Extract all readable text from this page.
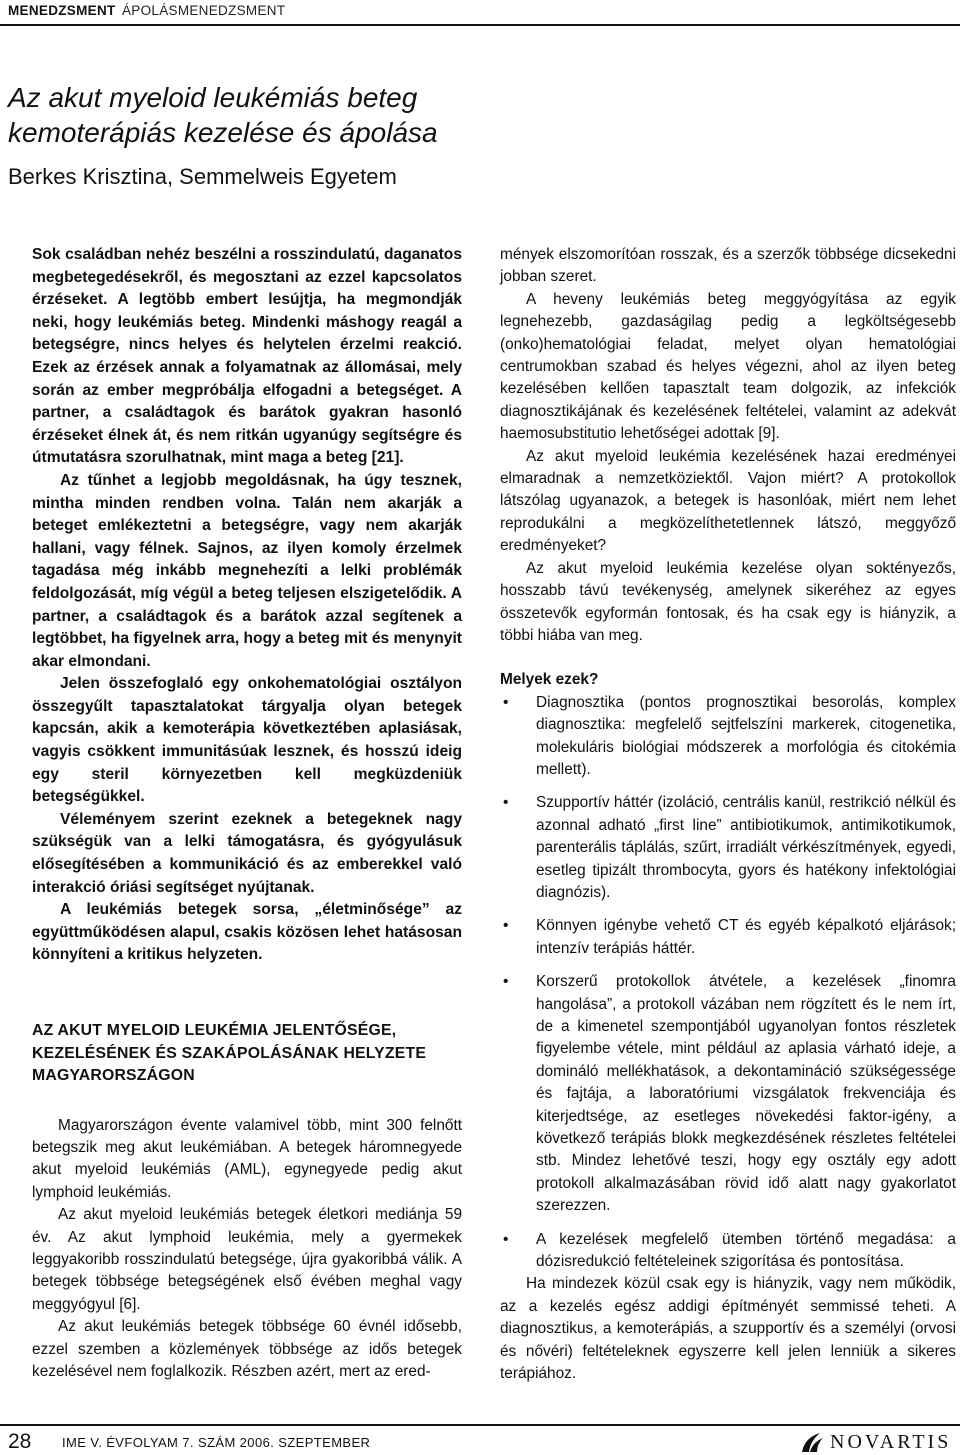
MENEDZSMENT ÁPOLÁSMENEDZSMENT
Az akut myeloid leukémiás beteg
kemoterápiás kezelése és ápolása
Berkes Krisztina, Semmelweis Egyetem

Sok családban nehéz beszélni a rosszindulatú, daganatos megbetegedésekről, és megosztani az ezzel kapcsolatos érzéseket. A legtöbb embert lesújtja, ha megmondják neki, hogy leukémiás beteg. Mindenki máshogy reagál a betegségre, nincs helyes és helytelen érzelmi reakció. Ezek az érzések annak a folyamatnak az állomásai, mely során az ember megpróbálja elfogadni a betegséget. A partner, a családtagok és barátok gyakran hasonló érzéseket élnek át, és nem ritkán ugyanúgy segítségre és útmutatásra szorulhatnak, mint maga a beteg [21].

Az tűnhet a legjobb megoldásnak, ha úgy tesznek, mintha minden rendben volna. Talán nem akarják a beteget emlékeztetni a betegségre, vagy nem akarják hallani, vagy félnek. Sajnos, az ilyen komoly érzelmek tagadása még inkább megnehezíti a lelki problémák feldolgozását, míg végül a beteg teljesen elszigetelődik. A partner, a családtagok és a barátok azzal segítenek a legtöbbet, ha figyelnek arra, hogy a beteg mit és menynyit akar elmondani.

Jelen összefoglaló egy onkohematológiai osztályon összegyűlt tapasztalatokat tárgyalja olyan betegek kapcsán, akik a kemoterápia következtében aplasiásak, vagyis csökkent immunitásúak lesznek, és hosszú ideig egy steril környezetben kell megküzdeniük betegségükkel.

Véleményem szerint ezeknek a betegeknek nagy szükségük van a lelki támogatásra, és gyógyulásuk elősegítésében a kommunikáció és az emberekkel való interakció óriási segítséget nyújtanak.

A leukémiás betegek sorsa, „életminősége” az együttműködésen alapul, csakis közösen lehet hatásosan könnyíteni a kritikus helyzeten.

AZ AKUT MYELOID LEUKÉMIA JELENTŐSÉGE,
KEZELÉSÉNEK ÉS SZAKÁPOLÁSÁNAK HELYZETE
MAGYARORSZÁGON

Magyarországon évente valamivel több, mint 300 felnőtt betegszik meg akut leukémiában. A betegek háromnegyede akut myeloid leukémiás (AML), egynegyede pedig akut lymphoid leukémiás.

Az akut myeloid leukémiás betegek életkori mediánja 59 év. Az akut lymphoid leukémia, mely a gyermekek leggyakoribb rosszindulatú betegsége, újra gyakoribbá válik. A betegek többsége betegségének első évében meghal vagy meggyógyul [6].

Az akut leukémiás betegek többsége 60 évnél idősebb, ezzel szemben a közlemények többsége az idős betegek kezelésével nem foglalkozik. Részben azért, mert az ered-

mények elszomorítóan rosszak, és a szerzők többsége dicsekedni jobban szeret.

A heveny leukémiás beteg meggyógyítása az egyik legnehezebb, gazdaságilag pedig a legköltségesebb (onko)hematológiai feladat, melyet olyan hematológiai centrumokban szabad és helyes végezni, ahol az ilyen beteg kezelésében kellően tapasztalt team dolgozik, az infekciók diagnosztikájának és kezelésének feltételei, valamint az adekvát haemosubstitutio lehetőségei adottak [9].

Az akut myeloid leukémia kezelésének hazai eredményei elmaradnak a nemzetköziektől. Vajon miért? A protokollok látszólag ugyanazok, a betegek is hasonlóak, miért nem lehet reprodukálni a megközelíthetetlennek látszó, meggyőző eredményeket?

Az akut myeloid leukémia kezelése olyan soktényezős, hosszabb távú tevékenység, amelynek sikeréhez az egyes összetevők egyformán fontosak, és ha csak egy is hiányzik, a többi hiába van meg.

Melyek ezek?
• Diagnosztika (pontos prognosztikai besorolás, komplex diagnosztika: megfelelő sejtfelszíni markerek, citogenetika, molekuláris biológiai módszerek a morfológia és citokémia mellett).
• Szupportív háttér (izoláció, centrális kanül, restrikció nélkül és azonnal adható „first line” antibiotikumok, antimikotikumok, parenterális táplálás, szűrt, irradiált vérkészítmények, egyedi, esetleg tipizált thrombocyta, gyors és hatékony infektológiai diagnózis).
• Könnyen igénybe vehető CT és egyéb képalkotó eljárások; intenzív terápiás háttér.
• Korszerű protokollok átvétele, a kezelések „finomra hangolása”, a protokoll vázában nem rögzített és le nem írt, de a kimenetel szempontjából ugyanolyan fontos részletek figyelembe vétele, mint például az aplasia várható ideje, a domináló mellékhatások, a dekontamináció szükségessége és fajtája, a laboratóriumi vizsgálatok frekvenciája és kiterjedtsége, az esetleges növekedési faktor-igény, a következő terápiás blokk megkezdésének részletes feltételei stb. Mindez lehetővé teszi, hogy egy osztály egy adott protokoll alkalmazásában rövid idő alatt nagy gyakorlatot szerezzen.
• A kezelések megfelelő ütemben történő megadása: a dózisredukció feltételeinek szigorítása és pontosítása.

Ha mindezek közül csak egy is hiányzik, vagy nem működik, az a kezelés egész addigi építményét semmissé teheti. A diagnosztikus, a kemoterápiás, a szupportív és a személyi (orvosi és nővéri) feltételeknek egyszerre kell jelen lenniük a sikeres terápiához.

28 IME V. ÉVFOLYAM 7. SZÁM 2006. SZEPTEMBER	NOVARTIS
